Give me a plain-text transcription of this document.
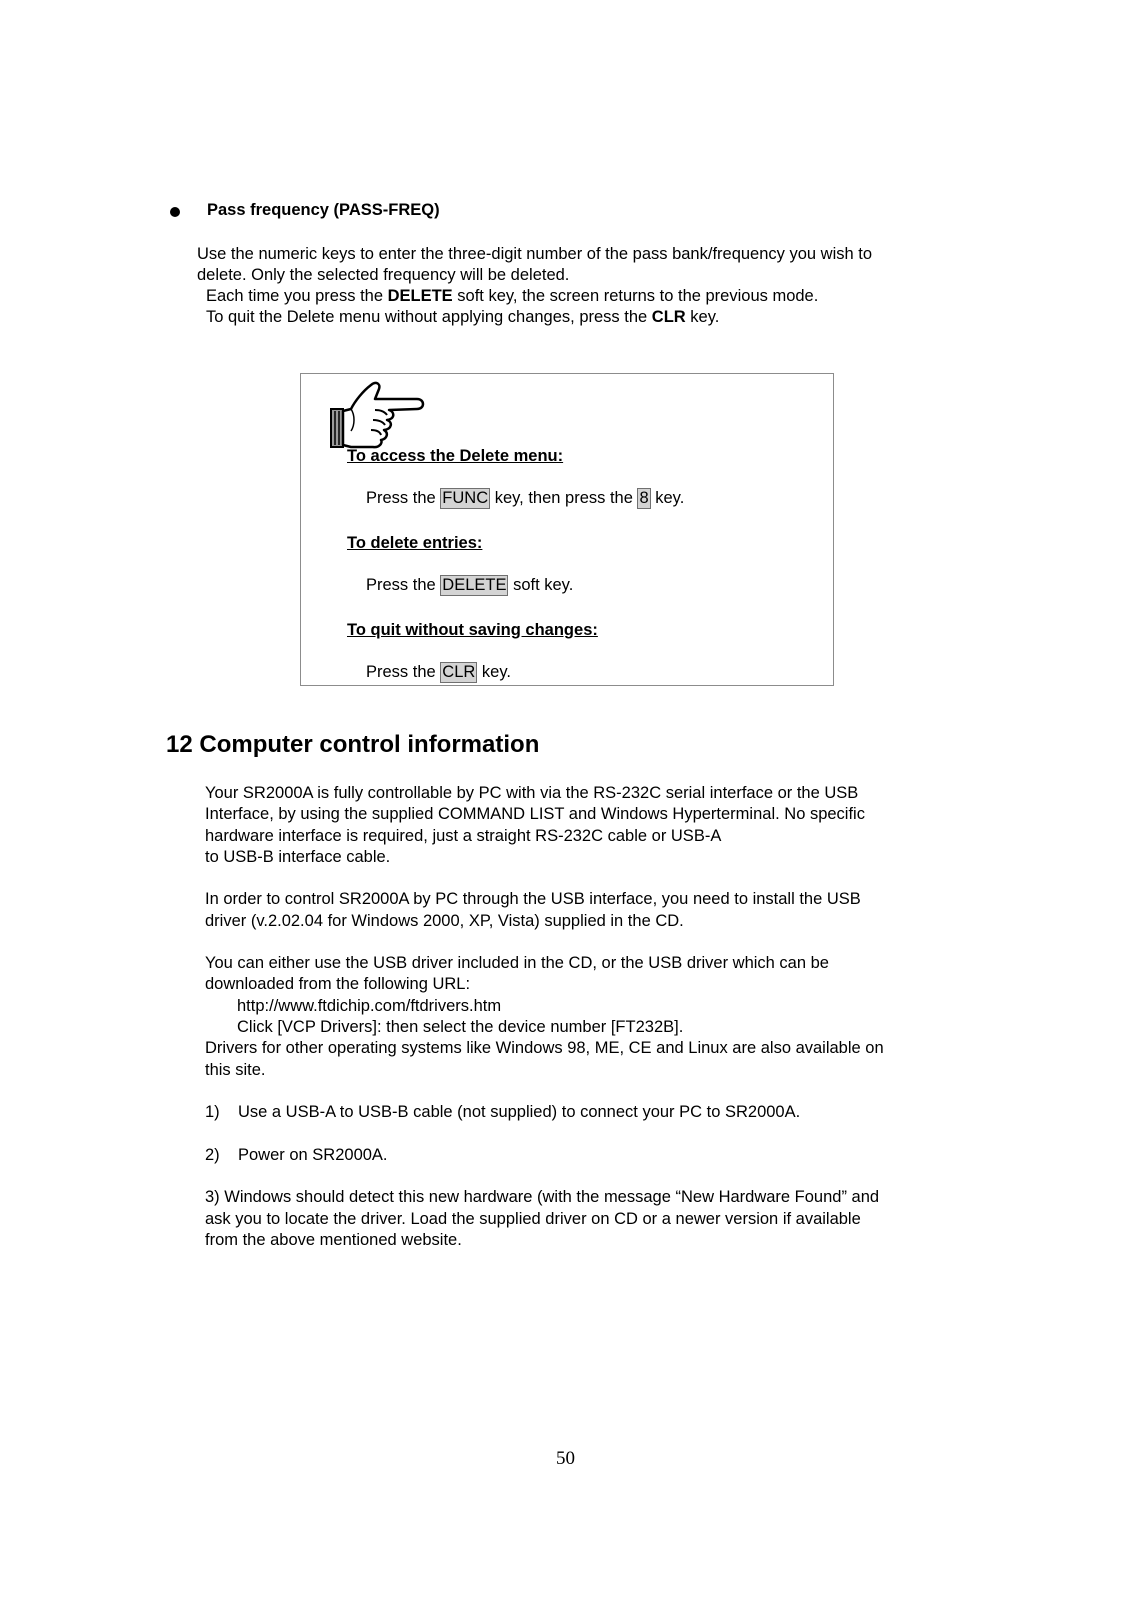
Pass frequency (PASS-FREQ)
Use the numeric keys to enter the three-digit number of the pass bank/frequency you wish to
delete. Only the selected frequency will be deleted.
Each time you press the DELETE soft key, the screen returns to the previous mode.
To quit the Delete menu without applying changes, press the CLR key.
To access the Delete menu:
Press the FUNC key, then press the 8 key.
To delete entries:
Press the DELETE soft key.
To quit without saving changes:
Press the CLR key.
12 Computer control information
Your SR2000A is fully controllable by PC with via the RS-232C serial interface or the USB
Interface, by using the supplied COMMAND LIST and Windows Hyperterminal. No specific
hardware interface is required, just a straight RS-232C cable or USB-A
to USB-B interface cable.
In order to control SR2000A by PC through the USB interface, you need to install the USB
driver (v.2.02.04 for Windows 2000, XP, Vista) supplied in the CD.
You can either use the USB driver included in the CD, or the USB driver which can be
downloaded from the following URL:
http://www.ftdichip.com/ftdrivers.htm
Click [VCP Drivers]: then select the device number [FT232B].
Drivers for other operating systems like Windows 98, ME, CE and Linux are also available on
this site.
1) Use a USB-A to USB-B cable (not supplied) to connect your PC to SR2000A.
2) Power on SR2000A.
3) Windows should detect this new hardware (with the message “New Hardware Found” and
ask you to locate the driver. Load the supplied driver on CD or a newer version if available
from the above mentioned website.
50
